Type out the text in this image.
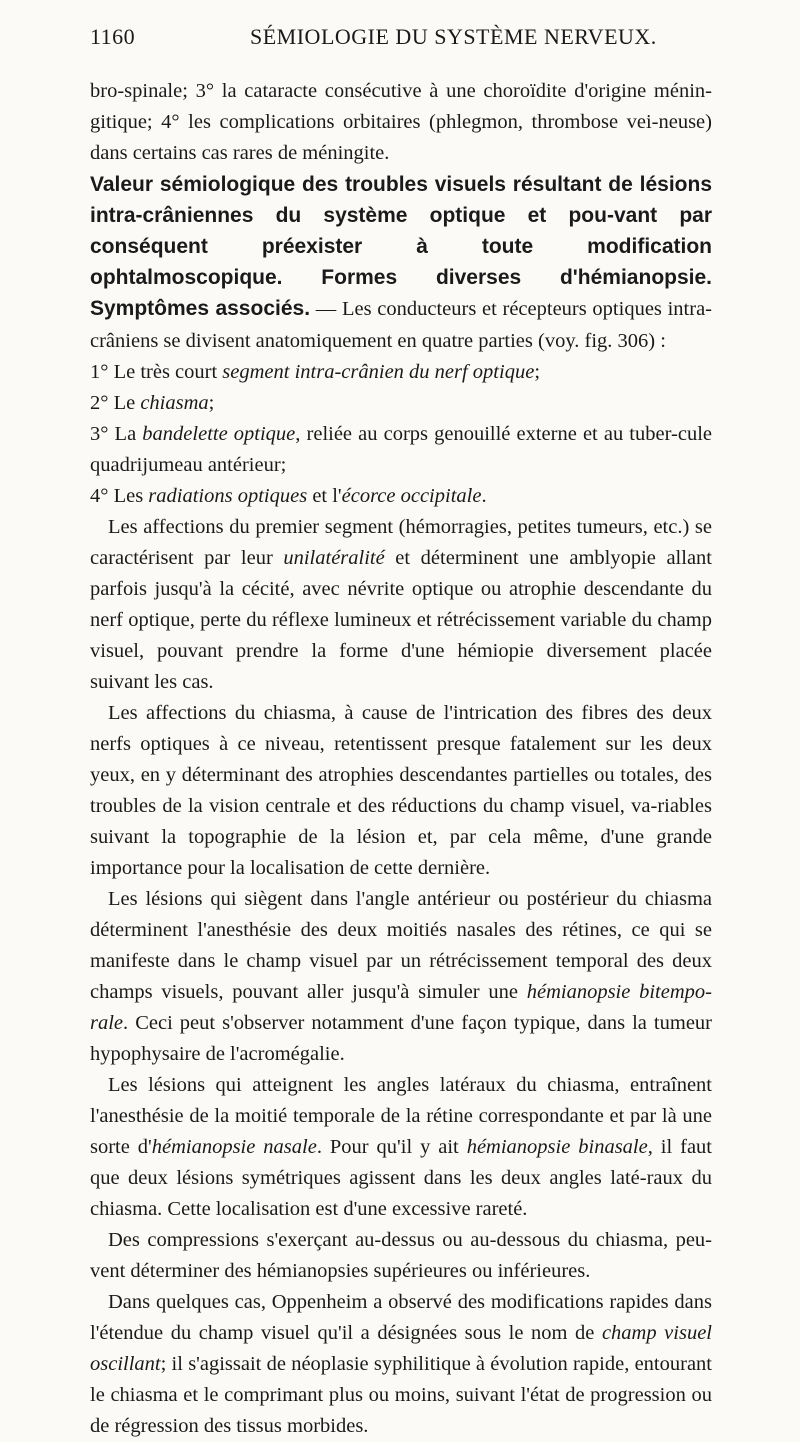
1160	SÉMIOLOGIE DU SYSTÈME NERVEUX.

bro-spinale; 3° la cataracte consécutive à une choroïdite d'origine ménin-gitique; 4° les complications orbitaires (phlegmon, thrombose vei-neuse) dans certains cas rares de méningite.

Valeur sémiologique des troubles visuels résultant de lésions intra-crâniennes du système optique et pou-vant par conséquent préexister à toute modification ophtalmoscopique. Formes diverses d'hémianopsie. Symptômes associés. — Les conducteurs et récepteurs optiques intra-crâniens se divisent anatomiquement en quatre parties (voy. fig. 306) :

1° Le très court segment intra-crânien du nerf optique;

2° Le chiasma;

3° La bandelette optique, reliée au corps genouillé externe et au tuber-cule quadrijumeau antérieur;

4° Les radiations optiques et l'écorce occipitale.

Les affections du premier segment (hémorragies, petites tumeurs, etc.) se caractérisent par leur unilatéralité et déterminent une amblyopie allant parfois jusqu'à la cécité, avec névrite optique ou atrophie descendante du nerf optique, perte du réflexe lumineux et rétrécissement variable du champ visuel, pouvant prendre la forme d'une hémiopie diversement placée suivant les cas.

Les affections du chiasma, à cause de l'intrication des fibres des deux nerfs optiques à ce niveau, retentissent presque fatalement sur les deux yeux, en y déterminant des atrophies descendantes partielles ou totales, des troubles de la vision centrale et des réductions du champ visuel, va-riables suivant la topographie de la lésion et, par cela même, d'une grande importance pour la localisation de cette dernière.

Les lésions qui siègent dans l'angle antérieur ou postérieur du chiasma déterminent l'anesthésie des deux moitiés nasales des rétines, ce qui se manifeste dans le champ visuel par un rétrécissement temporal des deux champs visuels, pouvant aller jusqu'à simuler une hémianopsie bitempo-rale. Ceci peut s'observer notamment d'une façon typique, dans la tumeur hypophysaire de l'acromégalie.

Les lésions qui atteignent les angles latéraux du chiasma, entraînent l'anesthésie de la moitié temporale de la rétine correspondante et par là une sorte d'hémianopsie nasale. Pour qu'il y ait hémianopsie binasale, il faut que deux lésions symétriques agissent dans les deux angles laté-raux du chiasma. Cette localisation est d'une excessive rareté.

Des compressions s'exerçant au-dessus ou au-dessous du chiasma, peu-vent déterminer des hémianopsies supérieures ou inférieures.

Dans quelques cas, Oppenheim a observé des modifications rapides dans l'étendue du champ visuel qu'il a désignées sous le nom de champ visuel oscillant; il s'agissait de néoplasie syphilitique à évolution rapide, entourant le chiasma et le comprimant plus ou moins, suivant l'état de progression ou de régression des tissus morbides.
